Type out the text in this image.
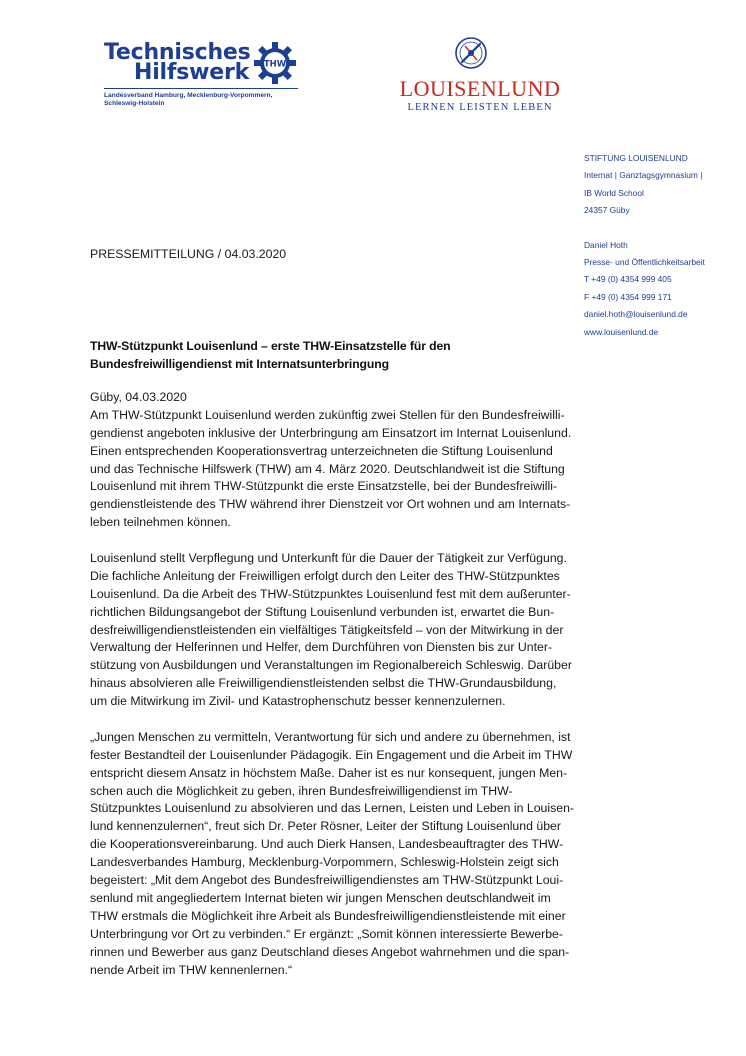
Technisches
Hilfswerk THW
Landesverband Hamburg, Mecklenburg-Vorpommern,
Schleswig-Holstein
LOUISENLUND
LERNEN LEISTEN LEBEN
STIFTUNG LOUISENLUND
Internat | Ganztagsgymnasium |
IB World School
24357 Güby
Daniel Hoth
Presse- und Öffentlichkeitsarbeit
T +49 (0) 4354 999 405
F +49 (0) 4354 999 171
daniel.hoth@louisenlund.de
www.louisenlund.de
PRESSEMITTEILUNG / 04.03.2020
THW-Stützpunkt Louisenlund – erste THW-Einsatzstelle für den
Bundesfreiwilligendienst mit Internatsunterbringung
Güby, 04.03.2020
Am THW-Stützpunkt Louisenlund werden zukünftig zwei Stellen für den Bundesfreiwilli-
gendienst angeboten inklusive der Unterbringung am Einsatzort im Internat Louisenlund.
Einen entsprechenden Kooperationsvertrag unterzeichneten die Stiftung Louisenlund
und das Technische Hilfswerk (THW) am 4. März 2020. Deutschlandweit ist die Stiftung
Louisenlund mit ihrem THW-Stützpunkt die erste Einsatzstelle, bei der Bundesfreiwilli-
gendienstleistende des THW während ihrer Dienstzeit vor Ort wohnen und am Internats-
leben teilnehmen können.
Louisenlund stellt Verpflegung und Unterkunft für die Dauer der Tätigkeit zur Verfügung.
Die fachliche Anleitung der Freiwilligen erfolgt durch den Leiter des THW-Stützpunktes
Louisenlund. Da die Arbeit des THW-Stützpunktes Louisenlund fest mit dem außerunter-
richtlichen Bildungsangebot der Stiftung Louisenlund verbunden ist, erwartet die Bun-
desfreiwilligendienstleistenden ein vielfältiges Tätigkeitsfeld – von der Mitwirkung in der
Verwaltung der Helferinnen und Helfer, dem Durchführen von Diensten bis zur Unter-
stützung von Ausbildungen und Veranstaltungen im Regionalbereich Schleswig. Darüber
hinaus absolvieren alle Freiwilligendienstleistenden selbst die THW-Grundausbildung,
um die Mitwirkung im Zivil- und Katastrophenschutz besser kennenzulernen.
„Jungen Menschen zu vermitteln, Verantwortung für sich und andere zu übernehmen, ist
fester Bestandteil der Louisenlunder Pädagogik. Ein Engagement und die Arbeit im THW
entspricht diesem Ansatz in höchstem Maße. Daher ist es nur konsequent, jungen Men-
schen auch die Möglichkeit zu geben, ihren Bundesfreiwilligendienst im THW-
Stützpunktes Louisenlund zu absolvieren und das Lernen, Leisten und Leben in Louisen-
lund kennenzulernen“, freut sich Dr. Peter Rösner, Leiter der Stiftung Louisenlund über
die Kooperationsvereinbarung. Und auch Dierk Hansen, Landesbeauftragter des THW-
Landesverbandes Hamburg, Mecklenburg-Vorpommern, Schleswig-Holstein zeigt sich
begeistert: „Mit dem Angebot des Bundesfreiwilligendienstes am THW-Stützpunkt Loui-
senlund mit angegliedertem Internat bieten wir jungen Menschen deutschlandweit im
THW erstmals die Möglichkeit ihre Arbeit als Bundesfreiwilligendienstleistende mit einer
Unterbringung vor Ort zu verbinden.“ Er ergänzt: „Somit können interessierte Bewerbe-
rinnen und Bewerber aus ganz Deutschland dieses Angebot wahrnehmen und die span-
nende Arbeit im THW kennenlernen.“
